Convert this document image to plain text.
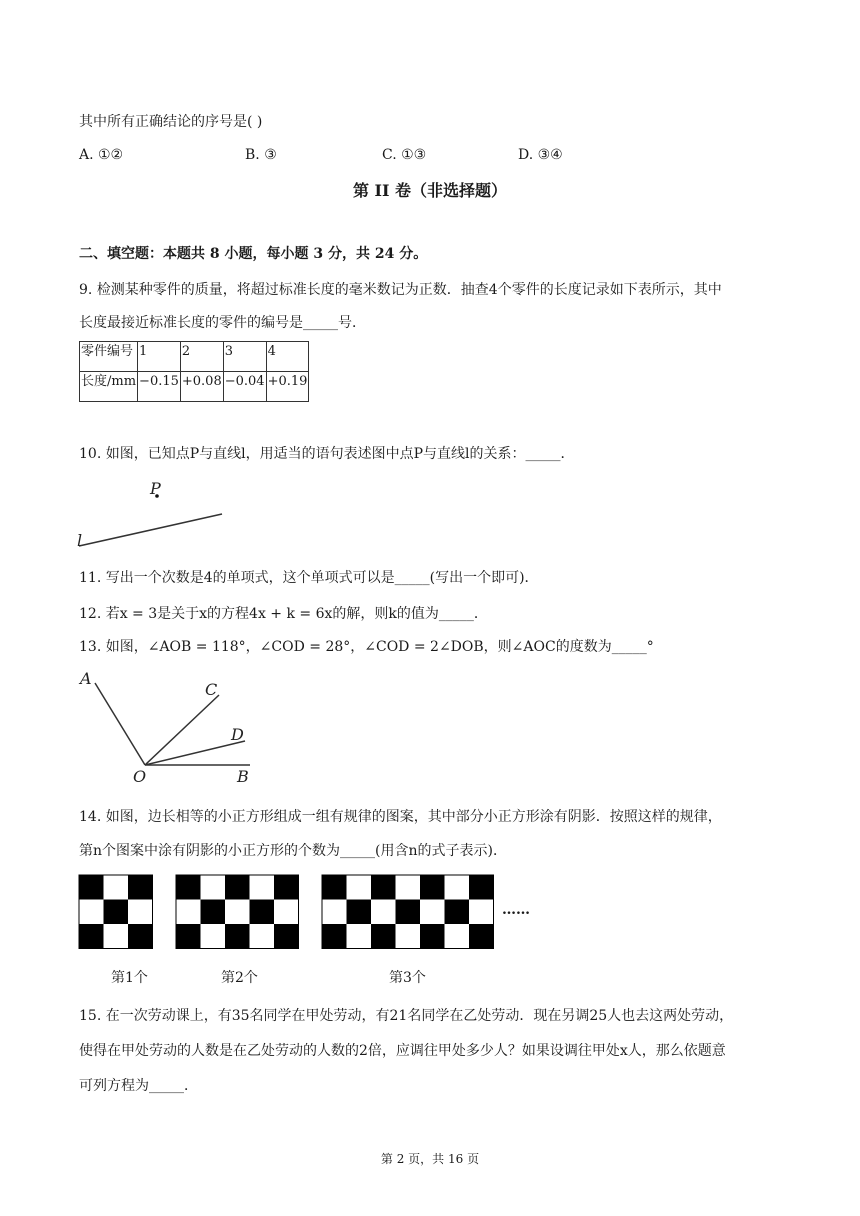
其中所有正确结论的序号是( )
A. ①②	B. ③	C. ①③	D. ③④
第 II 卷（非选择题）
二、填空题：本题共 8 小题，每小题 3 分，共 24 分。
9. 检测某种零件的质量，将超过标准长度的毫米数记为正数．抽查4个零件的长度记录如下表所示，其中
长度最接近标准长度的零件的编号是_____号．
零件编号	1	2	3	4
长度/mm	−0.15	+0.08	−0.04	+0.19
10. 如图，已知点P与直线l，用适当的语句表述图中点P与直线l的关系：_____．
P
l
11. 写出一个次数是4的单项式，这个单项式可以是_____(写出一个即可)．
12. 若x = 3是关于x的方程4x + k = 6x的解，则k的值为_____．
13. 如图，∠AOB = 118°，∠COD = 28°，∠COD = 2∠DOB，则∠AOC的度数为_____°
A
C
D
O	B
14. 如图，边长相等的小正方形组成一组有规律的图案，其中部分小正方形涂有阴影．按照这样的规律，
第n个图案中涂有阴影的小正方形的个数为_____(用含n的式子表示)．
……
第1个	第2个	第3个
15. 在一次劳动课上，有35名同学在甲处劳动，有21名同学在乙处劳动．现在另调25人也去这两处劳动，
使得在甲处劳动的人数是在乙处劳动的人数的2倍，应调往甲处多少人？如果设调往甲处x人，那么依题意
可列方程为_____．
第 2 页，共 16 页
